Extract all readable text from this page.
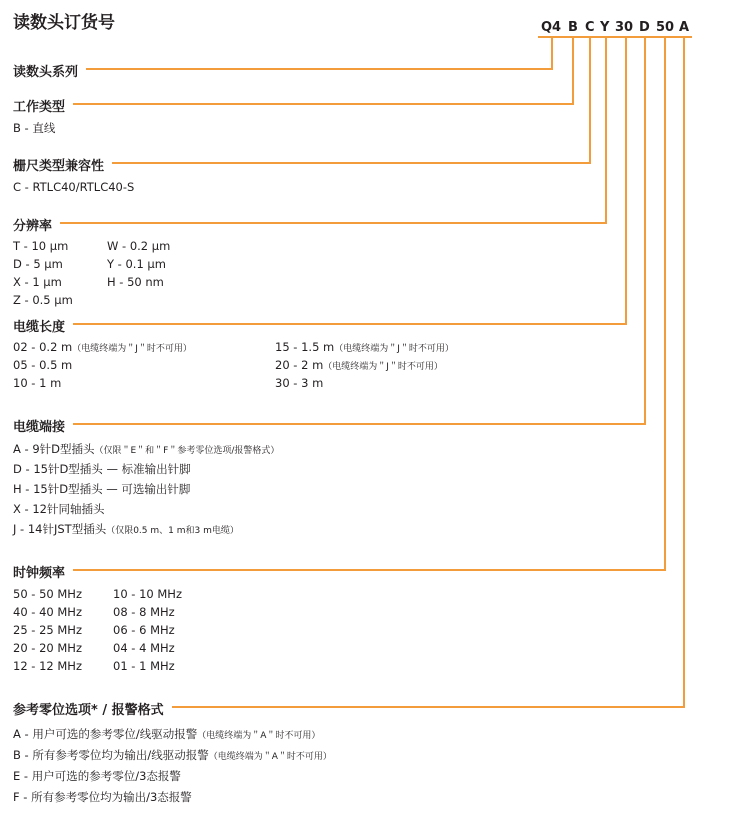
读数头订货号	Q4 B C Y 30 D 50 A
读数头系列
工作类型
B - 直线
栅尺类型兼容性
C - RTLC40/RTLC40-S
分辨率
T - 10 µm
D - 5 µm
X - 1 µm
Z - 0.5 µm
W - 0.2 µm
Y - 0.1 µm
H - 50 nm
电缆长度
02 - 0.2 m（电缆终端为＂J＂时不可用）
05 - 0.5 m
10 - 1 m
15 - 1.5 m（电缆终端为＂J＂时不可用）
20 - 2 m（电缆终端为＂J＂时不可用）
30 - 3 m
电缆端接
A - 9针D型插头（仅限＂E＂和＂F＂参考零位选项/报警格式）
D - 15针D型插头 — 标准输出针脚
H - 15针D型插头 — 可选输出针脚
X - 12针同轴插头
J - 14针JST型插头（仅限0.5 m、1 m和3 m电缆）
时钟频率
50 - 50 MHz
40 - 40 MHz
25 - 25 MHz
20 - 20 MHz
12 - 12 MHz
10 - 10 MHz
08 - 8 MHz
06 - 6 MHz
04 - 4 MHz
01 - 1 MHz
参考零位选项* / 报警格式
A - 用户可选的参考零位/线驱动报警（电缆终端为＂A＂时不可用）
B - 所有参考零位均为输出/线驱动报警（电缆终端为＂A＂时不可用）
E - 用户可选的参考零位/3态报警
F - 所有参考零位均为输出/3态报警
